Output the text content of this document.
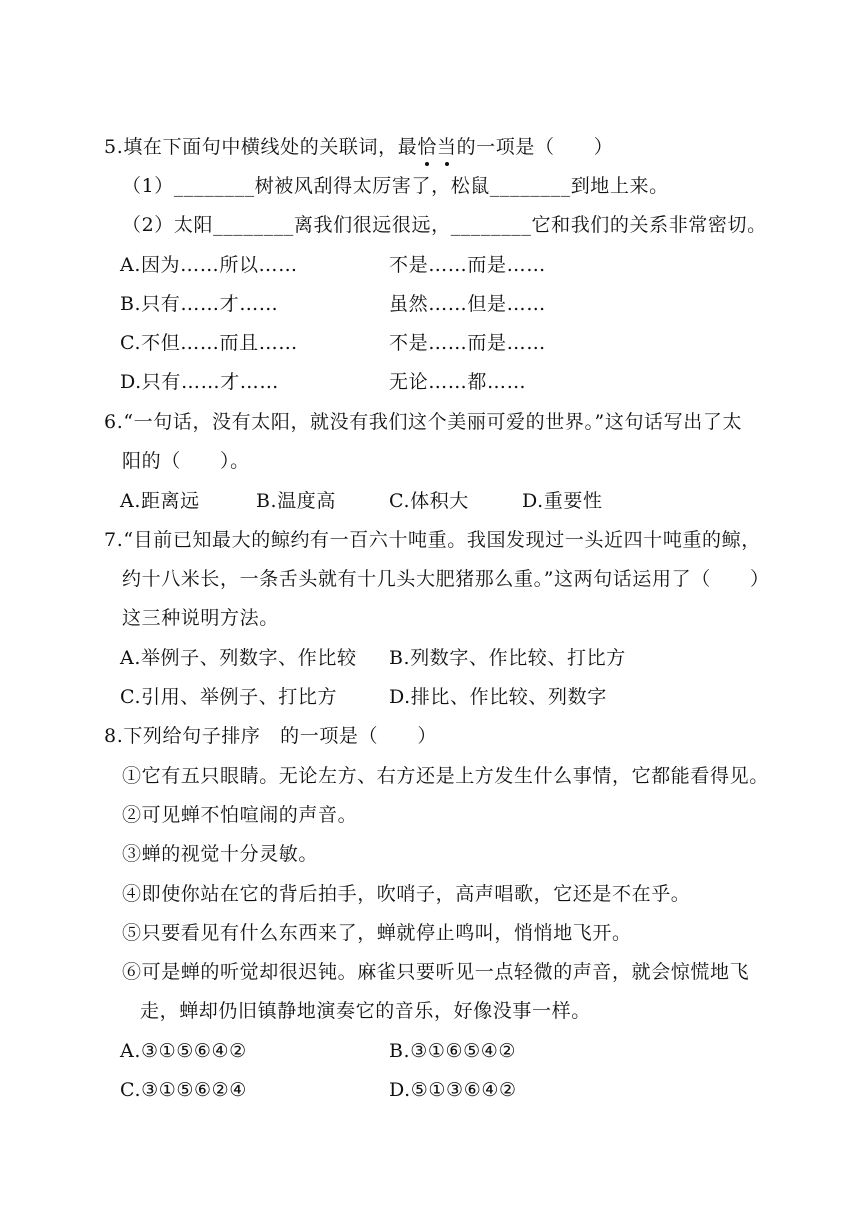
5.填在下面句中横线处的关联词，最恰当的一项是（　　）
（1）________树被风刮得太厉害了，松鼠________到地上来。
（2）太阳________离我们很远很远，________它和我们的关系非常密切。
A.因为……所以……	不是……而是……
B.只有……才……	虽然……但是……
C.不但……而且……	不是……而是……
D.只有……才……	无论……都……
6.“一句话，没有太阳，就没有我们这个美丽可爱的世界。”这句话写出了太
阳的（　　）。
A.距离远	B.温度高	C.体积大	D.重要性
7.“目前已知最大的鲸约有一百六十吨重。我国发现过一头近四十吨重的鲸，
约十八米长，一条舌头就有十几头大肥猪那么重。”这两句话运用了（　　）
这三种说明方法。
A.举例子、列数字、作比较 B.列数字、作比较、打比方
C.引用、举例子、打比方	D.排比、作比较、列数字
8.下列给句子排序　的一项是（　　）
①它有五只眼睛。无论左方、右方还是上方发生什么事情，它都能看得见。
②可见蝉不怕喧闹的声音。
③蝉的视觉十分灵敏。
④即使你站在它的背后拍手，吹哨子，高声唱歌，它还是不在乎。
⑤只要看见有什么东西来了，蝉就停止鸣叫，悄悄地飞开。
⑥可是蝉的听觉却很迟钝。麻雀只要听见一点轻微的声音，就会惊慌地飞
走，蝉却仍旧镇静地演奏它的音乐，好像没事一样。
A.③①⑤⑥④②	B.③①⑥⑤④②
C.③①⑤⑥②④	D.⑤①③⑥④②
